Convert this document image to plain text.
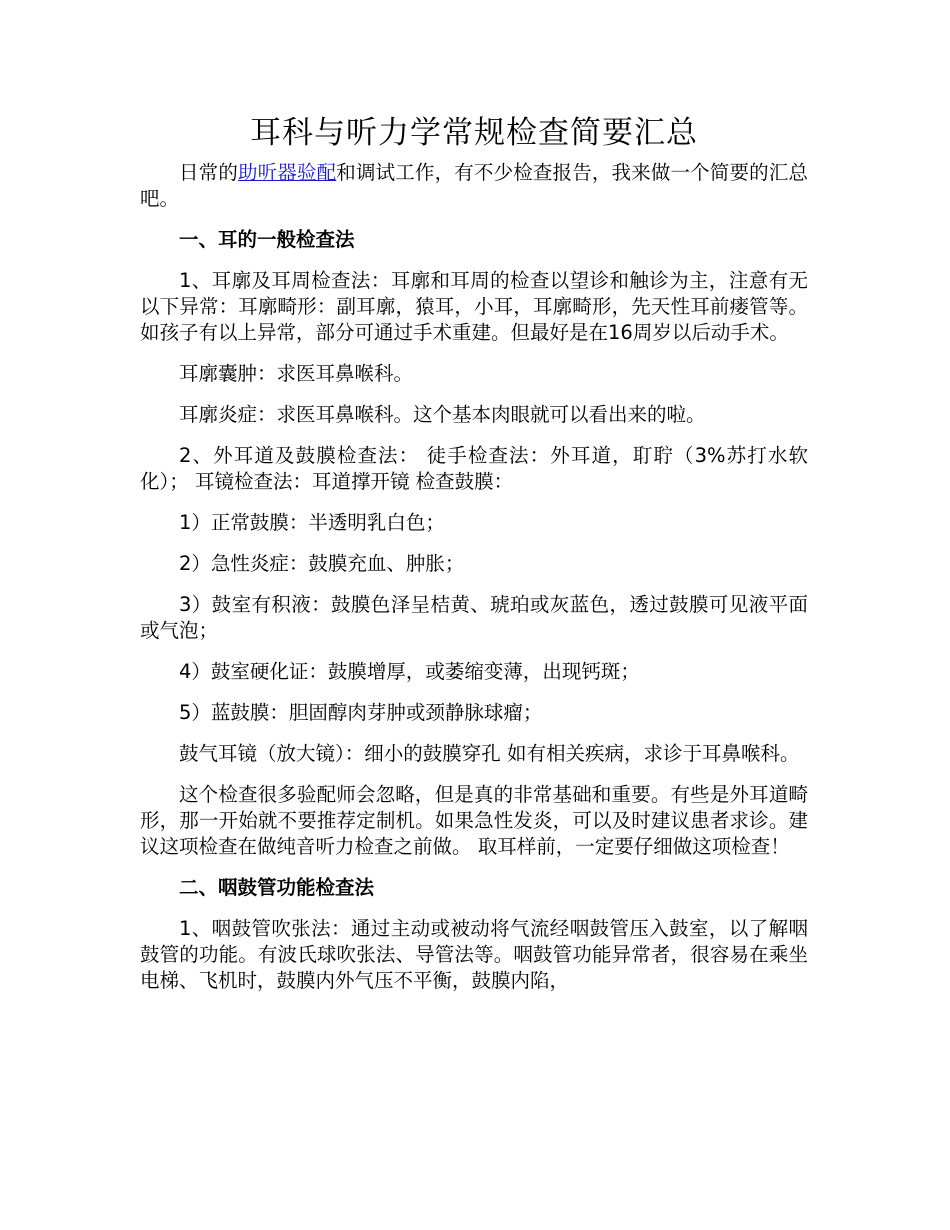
耳科与听力学常规检查简要汇总

日常的助听器验配和调试工作，有不少检查报告，我来做一个简要的汇总吧。

一、耳的一般检查法

1、耳廓及耳周检查法：耳廓和耳周的检查以望诊和触诊为主，注意有无以下异常：耳廓畸形：副耳廓，猿耳，小耳，耳廓畸形，先天性耳前瘘管等。如孩子有以上异常，部分可通过手术重建。但最好是在16周岁以后动手术。

耳廓囊肿：求医耳鼻喉科。

耳廓炎症：求医耳鼻喉科。这个基本肉眼就可以看出来的啦。

2、外耳道及鼓膜检查法： 徒手检查法：外耳道，耵聍（3%苏打水软化）； 耳镜检查法：耳道撑开镜 检查鼓膜：

1）正常鼓膜：半透明乳白色；

2）急性炎症：鼓膜充血、肿胀；

3）鼓室有积液：鼓膜色泽呈桔黄、琥珀或灰蓝色，透过鼓膜可见液平面或气泡；

4）鼓室硬化证：鼓膜增厚，或萎缩变薄，出现钙斑；

5）蓝鼓膜：胆固醇肉芽肿或颈静脉球瘤；

鼓气耳镜（放大镜）：细小的鼓膜穿孔 如有相关疾病，求诊于耳鼻喉科。

这个检查很多验配师会忽略，但是真的非常基础和重要。有些是外耳道畸形，那一开始就不要推荐定制机。如果急性发炎，可以及时建议患者求诊。建议这项检查在做纯音听力检查之前做。 取耳样前，一定要仔细做这项检查！

二、咽鼓管功能检查法

1、咽鼓管吹张法：通过主动或被动将气流经咽鼓管压入鼓室，以了解咽鼓管的功能。有波氏球吹张法、导管法等。咽鼓管功能异常者，很容易在乘坐电梯、飞机时，鼓膜内外气压不平衡，鼓膜内陷，
